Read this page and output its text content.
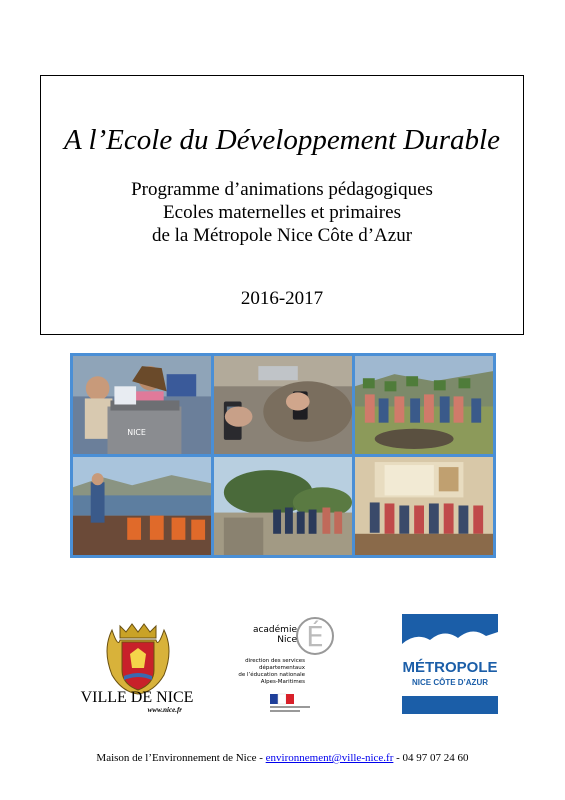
A l’Ecole du Développement Durable
Programme d’animations pédagogiques
Ecoles maternelles et primaires
de la Métropole Nice Côte d’Azur
2016-2017
NICE
VILLE DE NICE
www.nice.fr
É
académie
Nice
direction des services
départementaux
de l’éducation nationale
Alpes-Maritimes
MÉTROPOLE
NICE CÔTE D’AZUR
Maison de l’Environnement de Nice - environnement@ville-nice.fr - 04 97 07 24 60
